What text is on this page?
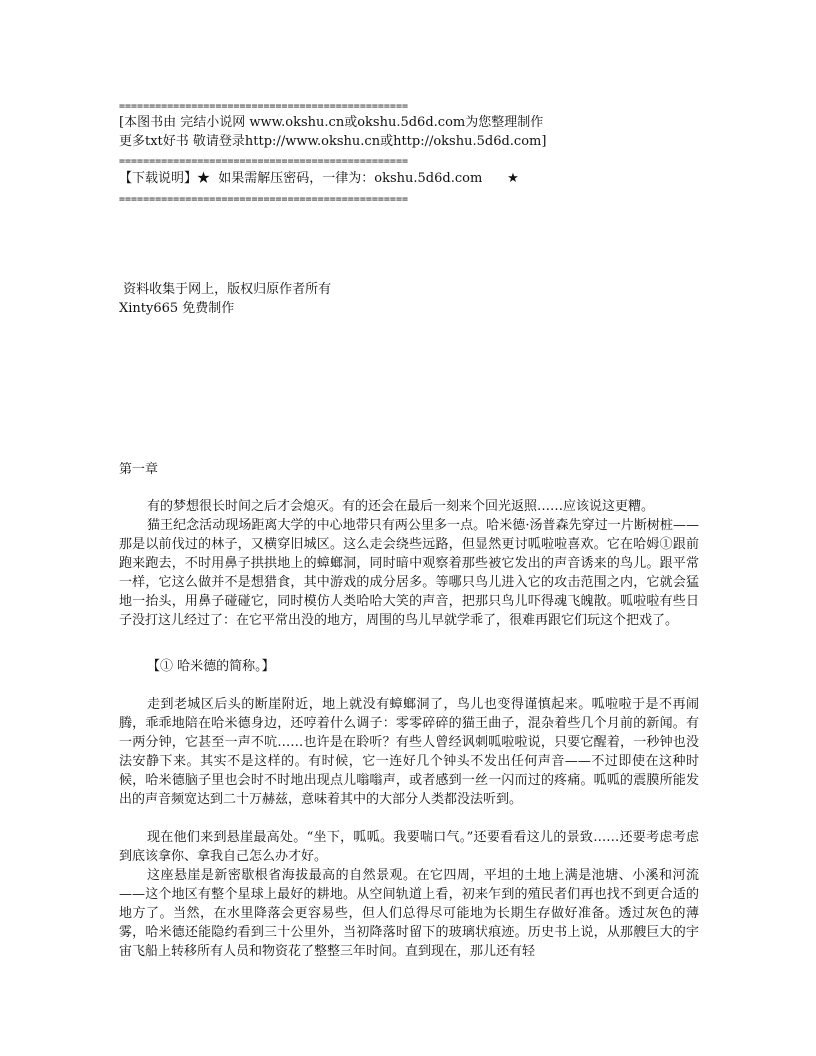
================================================
[本图书由 完结小说网 www.okshu.cn或okshu.5d6d.com为您整理制作
更多txt好书 敬请登录http://www.okshu.cn或http://okshu.5d6d.com]
================================================
【下载说明】★  如果需解压密码，一律为：okshu.5d6d.com      ★
================================================
资料收集于网上，版权归原作者所有
Xinty665 免费制作
第一章

有的梦想很长时间之后才会熄灭。有的还会在最后一刻来个回光返照……应该说这更糟。

猫王纪念活动现场距离大学的中心地带只有两公里多一点。哈米德·汤普森先穿过一片断树桩——那是以前伐过的林子，又横穿旧城区。这么走会绕些远路，但显然更讨呱啦啦喜欢。它在哈姆①跟前跑来跑去，不时用鼻子拱拱地上的蟑螂洞，同时暗中观察着那些被它发出的声音诱来的鸟儿。跟平常一样，它这么做并不是想猎食，其中游戏的成分居多。等哪只鸟儿进入它的攻击范围之内，它就会猛地一抬头，用鼻子碰碰它，同时模仿人类哈哈大笑的声音，把那只鸟儿吓得魂飞魄散。呱啦啦有些日子没打这儿经过了：在它平常出没的地方，周围的鸟儿早就学乖了，很难再跟它们玩这个把戏了。

【① 哈米德的简称。】

走到老城区后头的断崖附近，地上就没有蟑螂洞了，鸟儿也变得谨慎起来。呱啦啦于是不再闹腾，乖乖地陪在哈米德身边，还哼着什么调子：零零碎碎的猫王曲子，混杂着些几个月前的新闻。有一两分钟，它甚至一声不吭……也许是在聆听？有些人曾经讽刺呱啦啦说，只要它醒着，一秒钟也没法安静下来。其实不是这样的。有时候，它一连好几个钟头不发出任何声音——不过即使在这种时候，哈米德脑子里也会时不时地出现点儿嗡嗡声，或者感到一丝一闪而过的疼痛。呱呱的震膜所能发出的声音频宽达到二十万赫兹，意味着其中的大部分人类都没法听到。

现在他们来到悬崖最高处。“坐下，呱呱。我要喘口气。”还要看看这儿的景致……还要考虑考虑到底该拿你、拿我自己怎么办才好。

这座悬崖是新密歇根省海拔最高的自然景观。在它四周，平坦的土地上满是池塘、小溪和河流——这个地区有整个星球上最好的耕地。从空间轨道上看，初来乍到的殖民者们再也找不到更合适的地方了。当然，在水里降落会更容易些，但人们总得尽可能地为长期生存做好准备。透过灰色的薄雾，哈米德还能隐约看到三十公里外，当初降落时留下的玻璃状痕迹。历史书上说，从那艘巨大的宇宙飞船上转移所有人员和物资花了整整三年时间。直到现在，那儿还有轻
